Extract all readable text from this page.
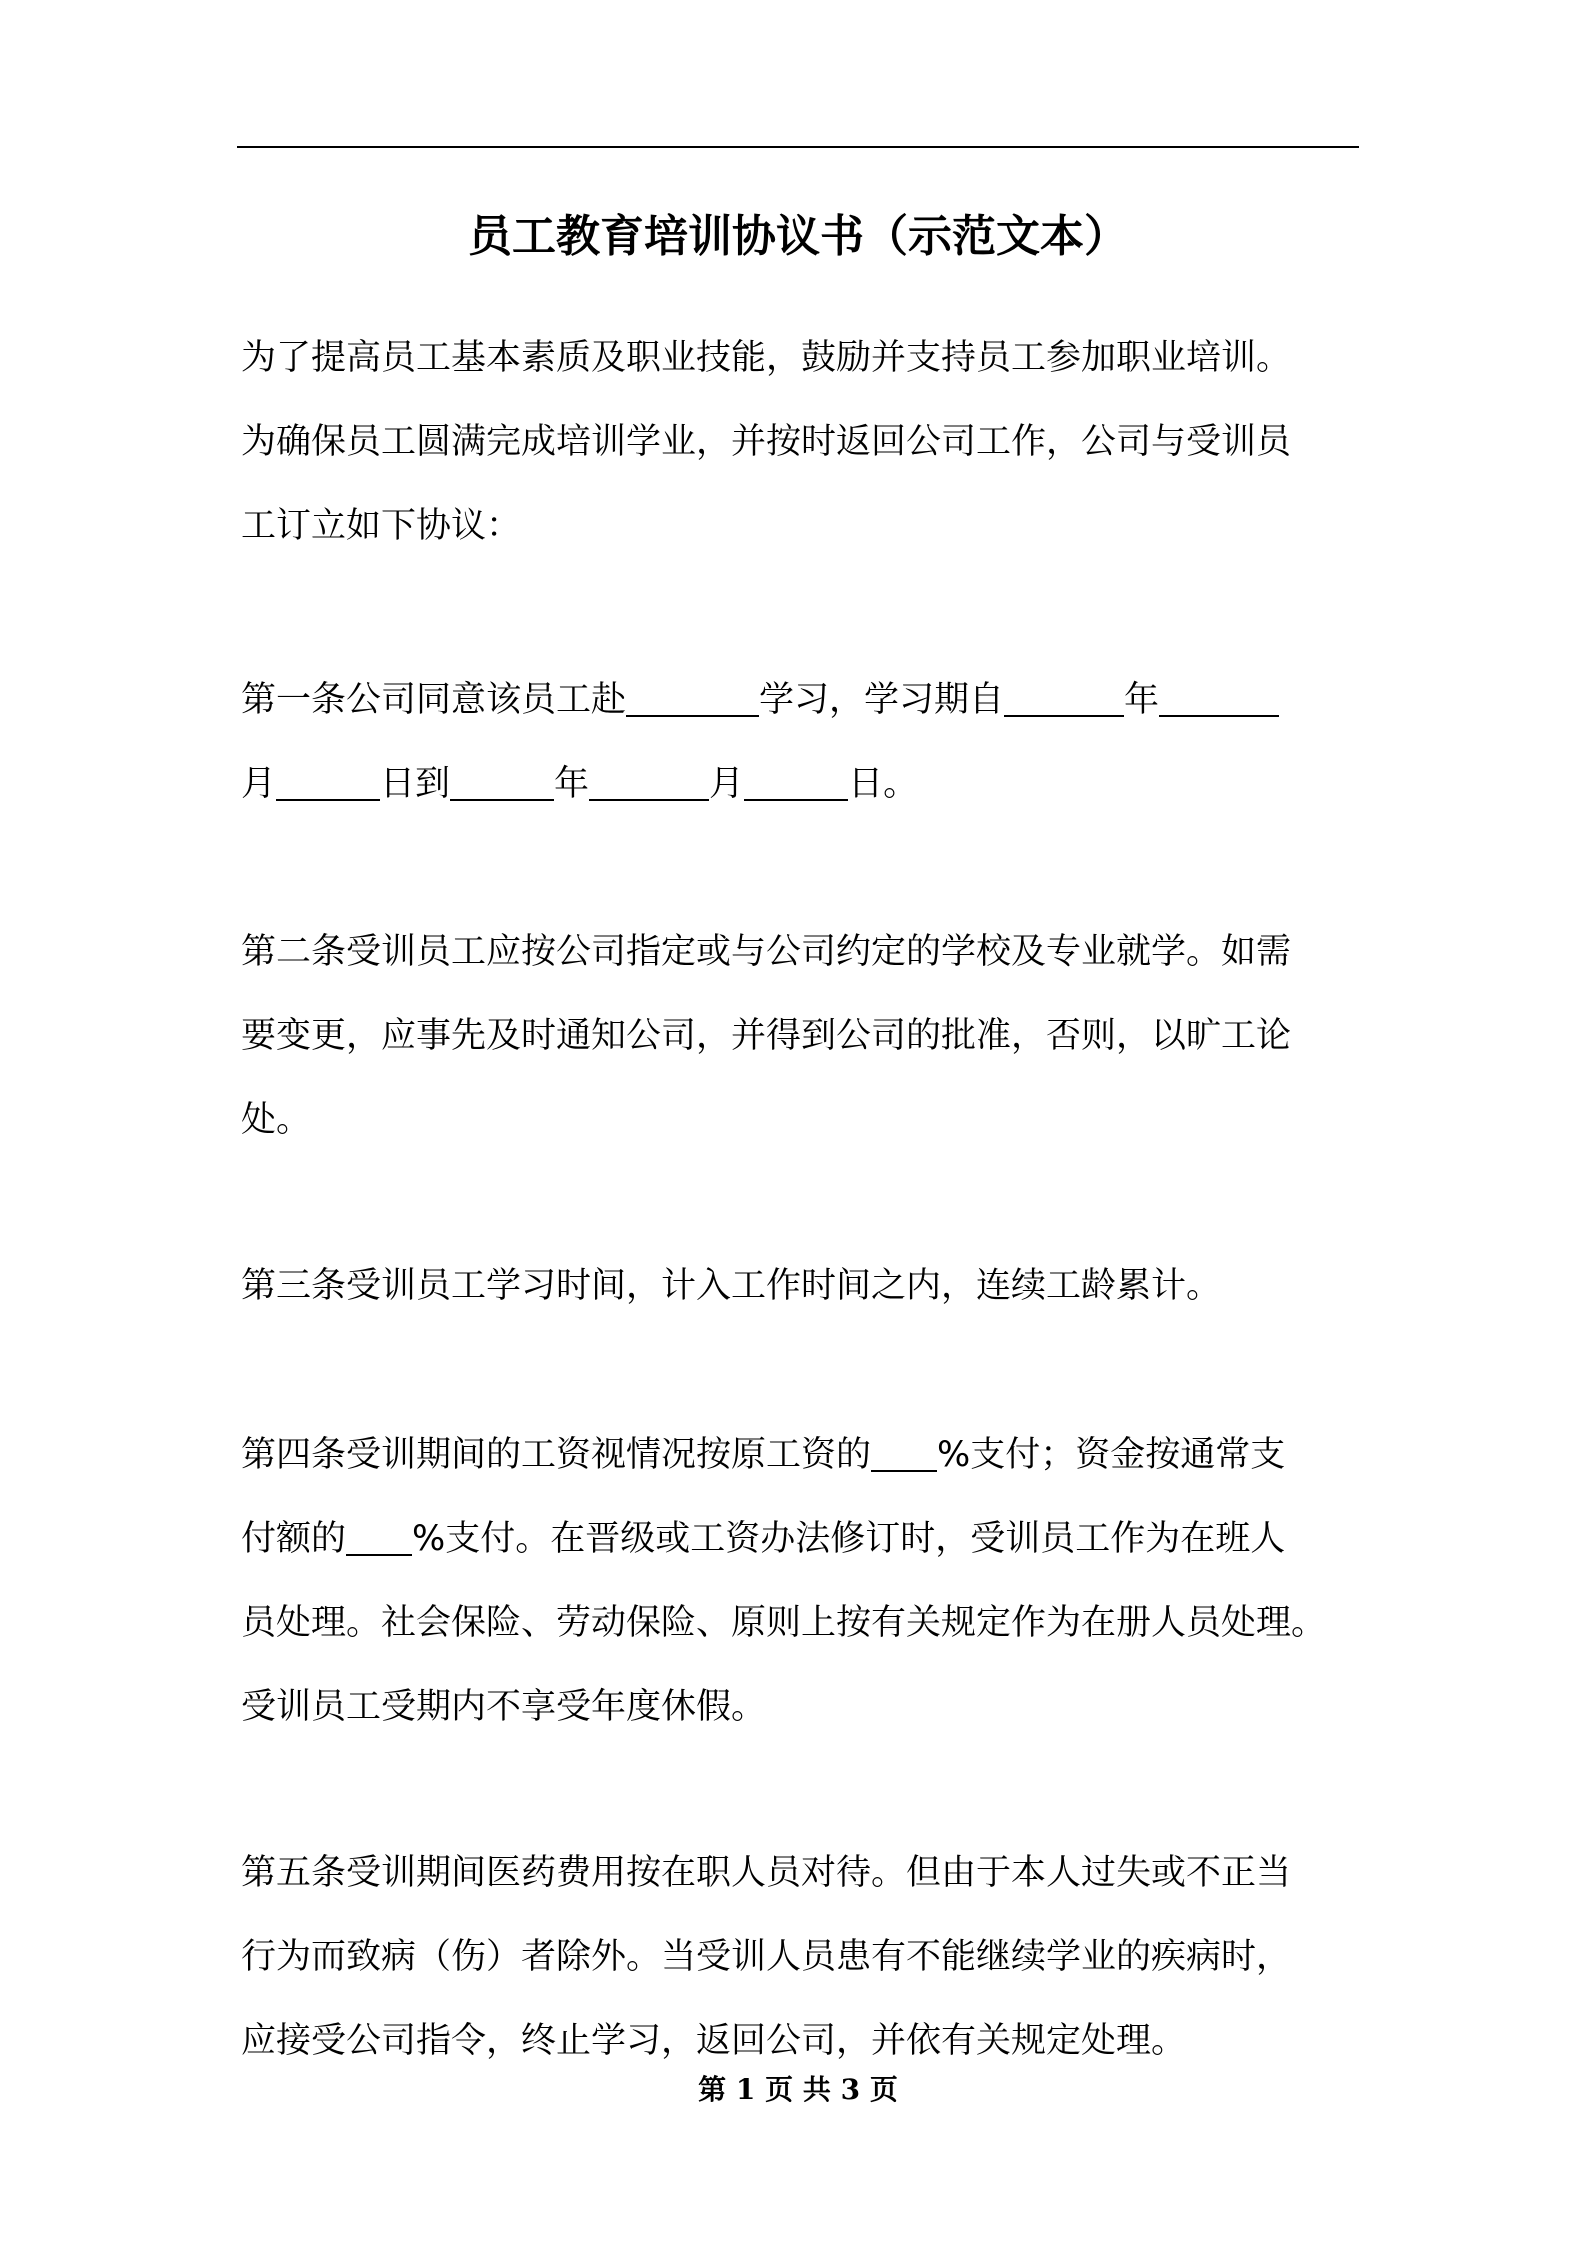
员工教育培训协议书（示范文本）
为了提高员工基本素质及职业技能，鼓励并支持员工参加职业培训。
为确保员工圆满完成培训学业，并按时返回公司工作，公司与受训员
工订立如下协议：
第一条公司同意该员工赴	学习，学习期自	年
月	日到	年	月	日。
第二条受训员工应按公司指定或与公司约定的学校及专业就学。如需
要变更，应事先及时通知公司，并得到公司的批准，否则，以旷工论
处。
第三条受训员工学习时间，计入工作时间之内，连续工龄累计。
第四条受训期间的工资视情况按原工资的 %支付；资金按通常支
付额的 %支付。在晋级或工资办法修订时，受训员工作为在班人
员处理。社会保险、劳动保险、原则上按有关规定作为在册人员处理。
受训员工受期内不享受年度休假。
第五条受训期间医药费用按在职人员对待。但由于本人过失或不正当
行为而致病（伤）者除外。当受训人员患有不能继续学业的疾病时，
应接受公司指令，终止学习，返回公司，并依有关规定处理。
第 1 页 共 3 页
